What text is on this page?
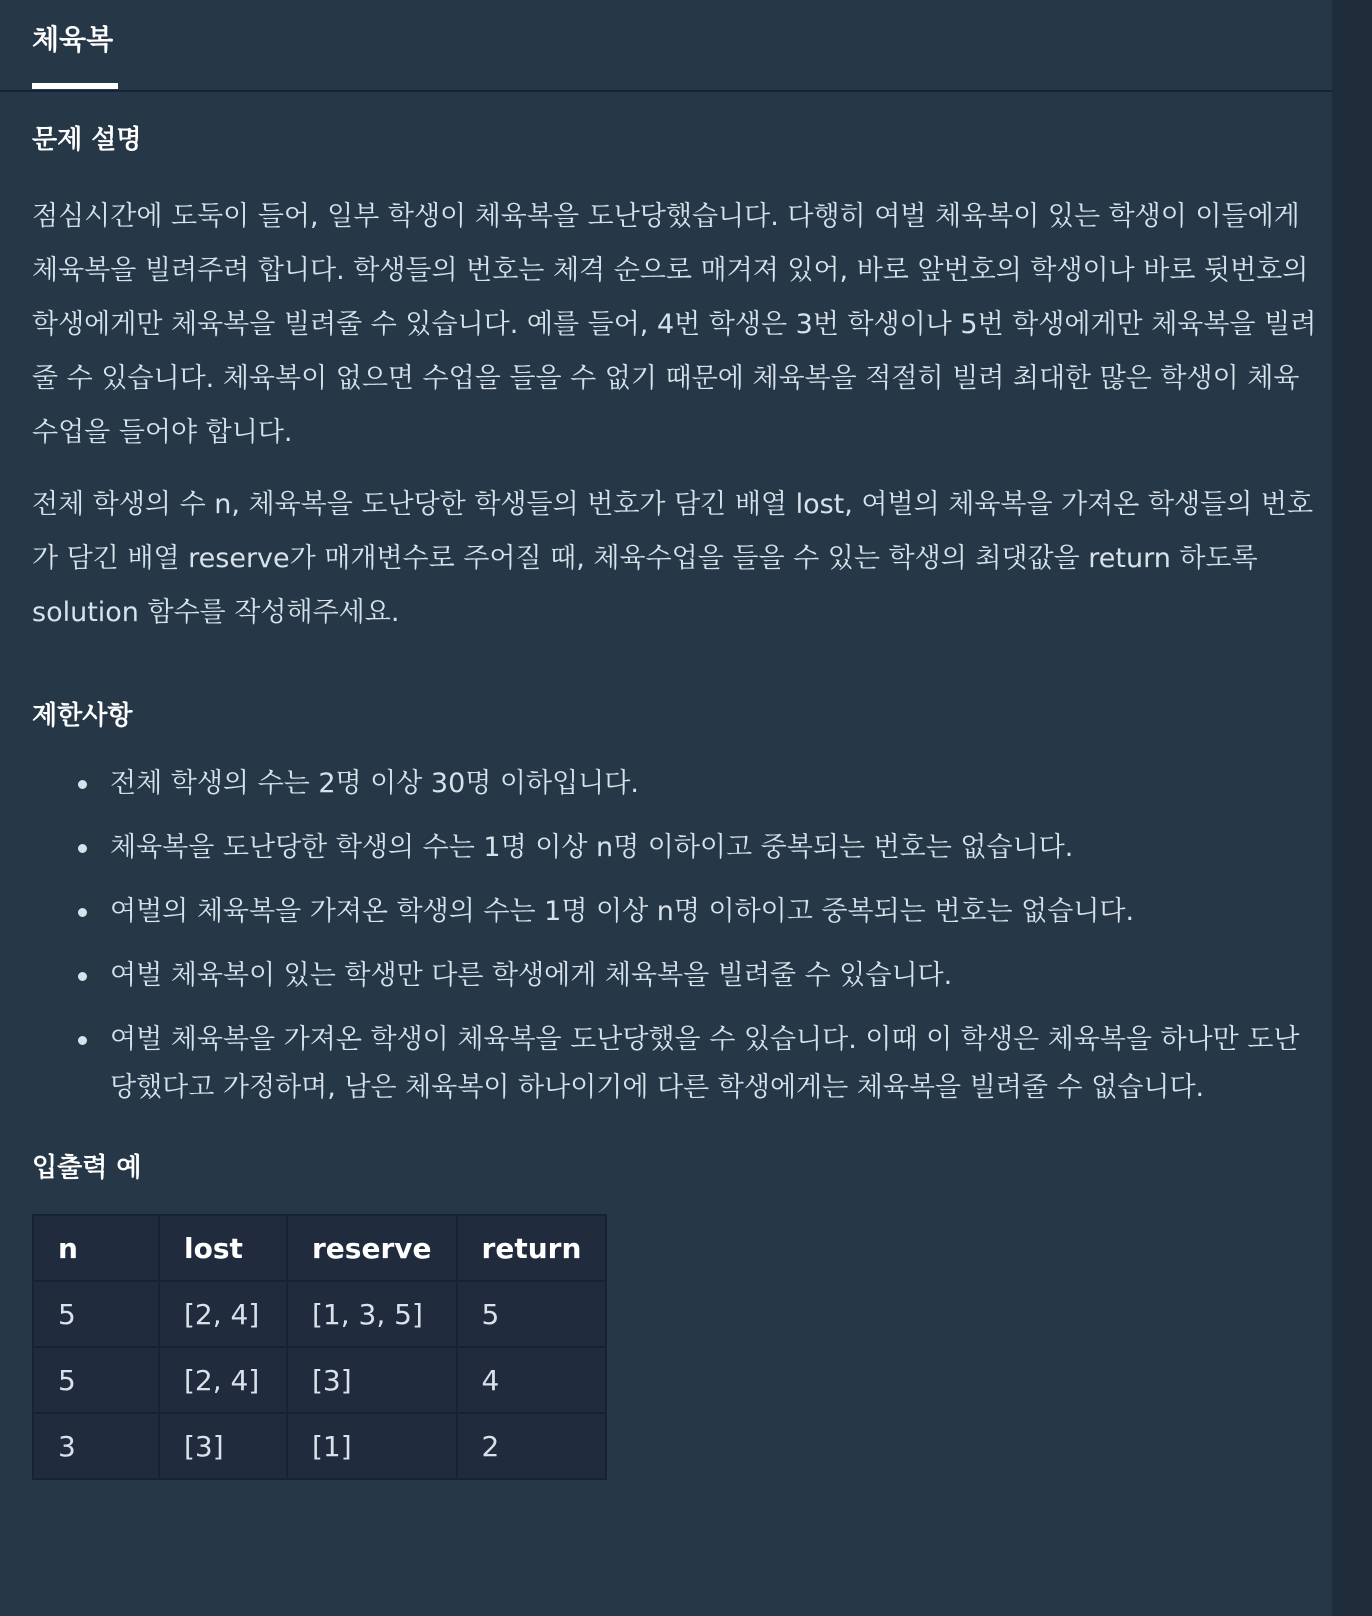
체육복
문제 설명

점심시간에 도둑이 들어, 일부 학생이 체육복을 도난당했습니다. 다행히 여벌 체육복이 있는 학생이 이들에게 체육복을 빌려주려 합니다. 학생들의 번호는 체격 순으로 매겨져 있어, 바로 앞번호의 학생이나 바로 뒷번호의 학생에게만 체육복을 빌려줄 수 있습니다. 예를 들어, 4번 학생은 3번 학생이나 5번 학생에게만 체육복을 빌려줄 수 있습니다. 체육복이 없으면 수업을 들을 수 없기 때문에 체육복을 적절히 빌려 최대한 많은 학생이 체육수업을 들어야 합니다.

전체 학생의 수 n, 체육복을 도난당한 학생들의 번호가 담긴 배열 lost, 여벌의 체육복을 가져온 학생들의 번호가 담긴 배열 reserve가 매개변수로 주어질 때, 체육수업을 들을 수 있는 학생의 최댓값을 return 하도록 solution 함수를 작성해주세요.

제한사항
전체 학생의 수는 2명 이상 30명 이하입니다.
체육복을 도난당한 학생의 수는 1명 이상 n명 이하이고 중복되는 번호는 없습니다.
여벌의 체육복을 가져온 학생의 수는 1명 이상 n명 이하이고 중복되는 번호는 없습니다.
여벌 체육복이 있는 학생만 다른 학생에게 체육복을 빌려줄 수 있습니다.
여벌 체육복을 가져온 학생이 체육복을 도난당했을 수 있습니다. 이때 이 학생은 체육복을 하나만 도난당했다고 가정하며, 남은 체육복이 하나이기에 다른 학생에게는 체육복을 빌려줄 수 없습니다.
입출력 예
n	lost	reserve	return
5	[2, 4]	[1, 3, 5]	5
5	[2, 4]	[3]	4
3	[3]	[1]	2
